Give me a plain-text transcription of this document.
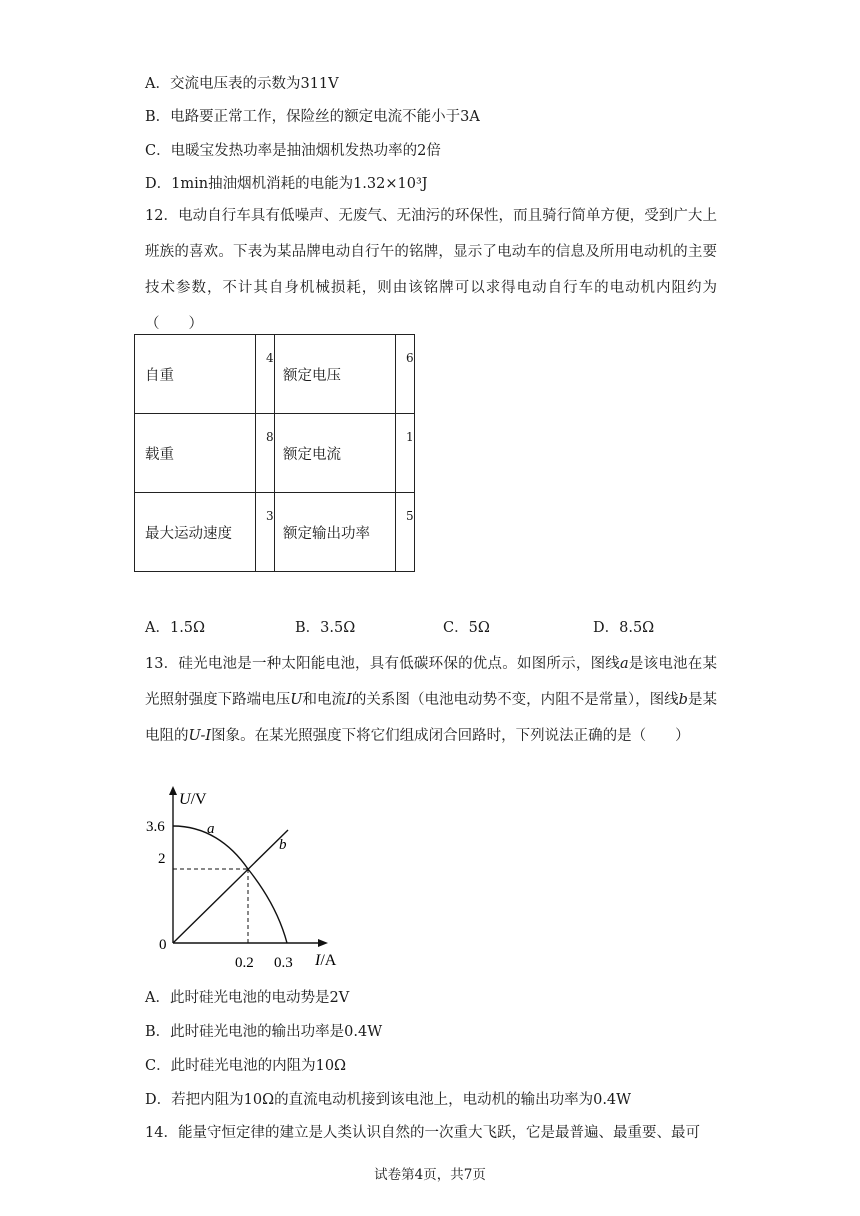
A．交流电压表的示数为311V
B．电路要正常工作，保险丝的额定电流不能小于3A
C．电暖宝发热功率是抽油烟机发热功率的2倍
D．1min抽油烟机消耗的电能为1.32×10³J
12．电动自行车具有低噪声、无废气、无油污的环保性，而且骑行简单方便，受到广大上班族的喜欢。下表为某品牌电动自行午的铭牌，显示了电动车的信息及所用电动机的主要技术参数，不计其自身机械损耗，则由该铭牌可以求得电动自行车的电动机内阻约为（　　）
自重	4	额定电压	6

载重	8	额定电流	1

最大运动速度	3	额定输出功率	5
A．1.5Ω	B．3.5Ω	C．5Ω	D．8.5Ω
13．硅光电池是一种太阳能电池，具有低碳环保的优点。如图所示，图线a是该电池在某光照射强度下路端电压U和电流I的关系图（电池电动势不变，内阻不是常量），图线b是某电阻的U-I图象。在某光照强度下将它们组成闭合回路时，下列说法正确的是（　　）
U/V
3.6
2
0
0.2 0.3 I/A
a
b
A．此时硅光电池的电动势是2V
B．此时硅光电池的输出功率是0.4W
C．此时硅光电池的内阻为10Ω
D．若把内阻为10Ω的直流电动机接到该电池上，电动机的输出功率为0.4W
14．能量守恒定律的建立是人类认识自然的一次重大飞跃，它是最普遍、最重要、最可
试卷第4页，共7页
